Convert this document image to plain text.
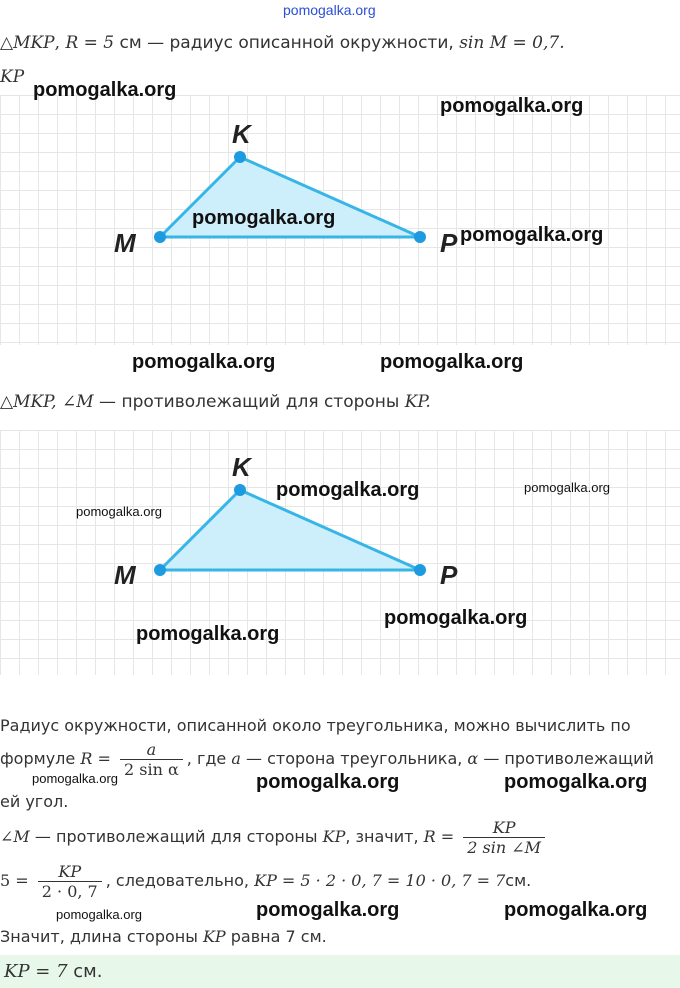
pomogalka.org
△MKP, R = 5 см — радиус описанной окружности, sin M = 0,7.
KP
K
M	P
△MKP, ∠M — противолежащий для стороны KP.
K
M	P
Радиус окружности, описанной около треугольника, можно вычислить по
формуле $R = \frac{a}{\text{2 sin α}}$ , где a — сторона треугольника, α — противолежащий
ей угол.
∠M — противолежащий для стороны KP, значит, $R = \frac{KP}{2 \sin \angle M}$
$5 = \frac{KP}{2 \cdot 0, 7}$ , следовательно, KP = 5 · 2 · 0, 7 = 10 · 0, 7 = 7см.
Значит, длина стороны KP равна 7 см.
KP = 7 см.
pomogalka.org
pomogalka.org
pomogalka.org
pomogalka.org
pomogalka.org	pomogalka.org
pomogalka.org	pomogalka.org
pomogalka.org
pomogalka.org
pomogalka.org
pomogalka.org	pomogalka.org	pomogalka.org
pomogalka.org	pomogalka.org	pomogalka.org
